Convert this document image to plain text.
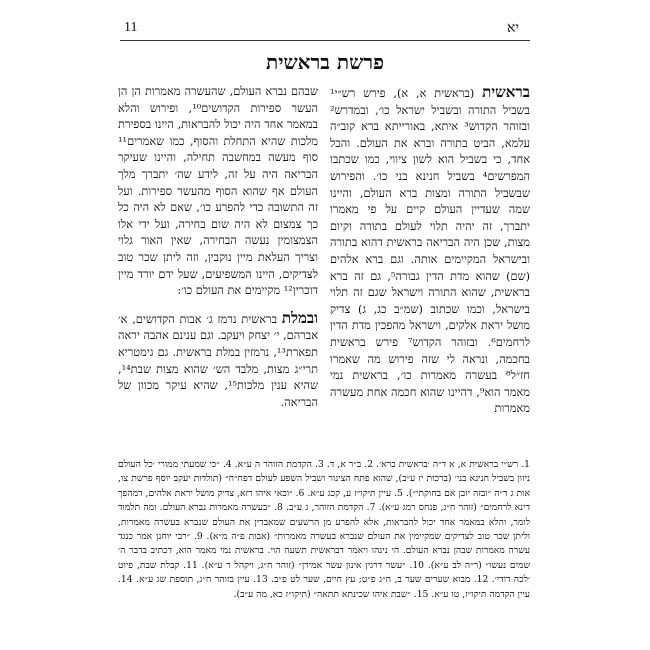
11	יא
פרשת בראשית

בראשית (בראשית א, א), פירש רש״י¹ בשביל התורה ובשביל ישראל כו׳, ובמדרש² ובזוהר הקדוש³ איתא, באורייתא ברא קוב״ה עלמא, הביט בתורה וברא את העולם. והכל אחד, כי בשביל הוא לשון ציווי, כמו שכתבו המפרשים⁴ בשביל חנינא בני כו׳. והפירוש שבשביל התורה ומצות ברא העולם, והיינו שמה שעדיין העולם קיים על פי מאמרו יתברך, זה יהיה תלוי לעולם בתורה וקיום מצות, שכן היה הבריאה בראשית דהוא בתורה ובישראל המקיימים אותה. וגם ברא אלהים (שם) שהוא מדת הדין גבורה⁵, גם זה ברא בראשית, שהוא התורה וישראל שגם זה תלוי בישראל, וכמו שכתוב (שמ״ב כג, ג) צדיק מושל יראת אלקים, וישראל מהפכין מדת הדין לרחמים⁶. ובזוהר הקדוש⁷ פירש בראשית בחכמה, ונראה לי שזה פירוש מה שאמרו חז״ל⁸ בעשרה מאמרות כו׳, בראשית נמי מאמר הוא⁹, דהיינו שהוא חכמה אחת מעשרה מאמרות

שבהם נברא העולם, שהעשרה מאמרות הן הן העשר ספירות הקדושים¹⁰, ופירוש והלא במאמר אחד היה יכול להבראות, היינו בספירת מלכות שהיא התחלת והסוף, כמו שאמרים¹¹ סוף מעשה במחשבה תחילה, והיינו שעיקר הבריאה היה על זה, לידע שה׳ יתברך מלך העולם אף שהוא הסוף מהעשר ספירות. ועל זה התשובה כדי להפרע כו׳, שאם לא היה כל כך צמצום לא היה שום בחירה, ועל ידי אלו הצמצומין נעשה הבחירה, שאין האור גלוי וצריך העלאת מיין נוקבין, וזה ליתן שכר טוב לצדיקים, היינו המשפיעים, שעל ידם יורד מיין דוכרין¹² מקיימים את העולם כו׳:

ובמלת בראשית נרמז ג׳ אבות הקדושים, א׳ אברהם, י׳ יצחק ויעקב. וגם ענינם אהבה יראה תפארת¹³, נרמזין במלת בראשית. גם גימטריא תרי״ג מצות, מלבד הש׳ שהוא מצות שבת¹⁴, שהיא ענין מלכות¹⁵, שהיא עיקר מכוון של הבריאה.

1. רש״י בראשית א, א ד״ה ׳בראשית ברא׳. 2. ב״ר א, ד. 3. הקדמת הזוהר ה ע״א. 4. ״כי שמעתי ממורי ׳כל העולם ניזון בשביל חנינא בני׳ (ברכות יז ע״ב), שהוא פתח הצינור ושביל השפע לעולם דפח״ח״ (תולדות יעקב יוסף פרשת צו, אות ג ד״ה ״ובזה יובן אם בחוקתי״). 5. עיין תיקו״ז ע, קכג ע״א. 6. ״וכאי איהו רזא, צדיק מושל יראת אלהים, דמהפך דינא לרחמים״ (זוהר ח״ג, פנחס רמג ע״א). 7. הקדמת הזוהר, ג ע״ב. 8. ״בעשרה מאמרות נברא העולם. ומה תלמוד לומר, והלא במאמר אחד יכול להבראות, אלא להפרע מן הרשעים שמאבדין את העולם שנברא בעשרה מאמרות, וליתן שכר טוב לצדיקים שמקיימין את העולם שנברא בעשרה מאמרות״ (אבות פ״ה מ״א). 9. ״רבי יוחנן אמר כנגד עשרה מאמרות שבהן נברא העולם. הי נינהו ויאמר דבראשית תשעה הוי. בראשית נמי מאמר הוא, דכתיב בדבר ה׳ שמים נעשו״ (ר״ה לב ע״א). 10. ״עשר דרגין אינון עשר אמירן״ (זוהר ח״ג, ויקהל ר ע״א). 11. קבלת שבת, פיוט ׳לכה דודי׳. 12. מבוא שערים שער ב, ח״ג פ״ט; עץ חיים, שער לט פ״ב. 13. עיין בזוהר ח״ג, תוספת שג ע״א. 14. עיין הקדמה תיקו״ז, טו ע״א. 15. ״שבת איהו שכינתא תתאה״ (תיקו״ז כא, מה ע״ב).
